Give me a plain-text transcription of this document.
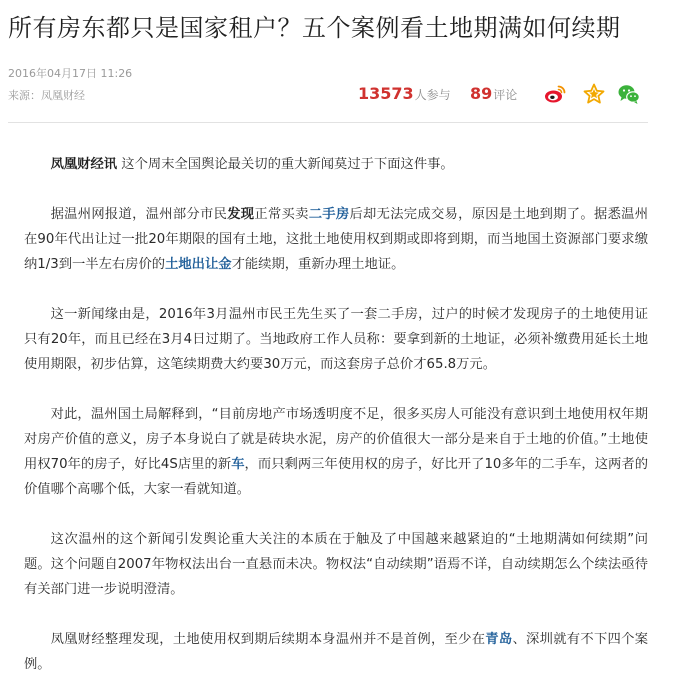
所有房东都只是国家租户？五个案例看土地期满如何续期
2016年04月17日 11:26
来源：凤凰财经	13573 人参与 89 评论

凤凰财经讯 这个周末全国舆论最关切的重大新闻莫过于下面这件事。

据温州网报道，温州部分市民发现正常买卖二手房后却无法完成交易，原因是土地到期了。据悉温州在90年代出让过一批20年期限的国有土地，这批土地使用权到期或即将到期，而当地国土资源部门要求缴纳1/3到一半左右房价的土地出让金才能续期，重新办理土地证。

这一新闻缘由是，2016年3月温州市民王先生买了一套二手房，过户的时候才发现房子的土地使用证只有20年，而且已经在3月4日过期了。当地政府工作人员称：要拿到新的土地证，必须补缴费用延长土地使用期限，初步估算，这笔续期费大约要30万元，而这套房子总价才65.8万元。

对此，温州国土局解释到，“目前房地产市场透明度不足，很多买房人可能没有意识到土地使用权年期对房产价值的意义，房子本身说白了就是砖块水泥，房产的价值很大一部分是来自于土地的价值。”土地使用权70年的房子，好比4S店里的新车，而只剩两三年使用权的房子，好比开了10多年的二手车，这两者的价值哪个高哪个低，大家一看就知道。

这次温州的这个新闻引发舆论重大关注的本质在于触及了中国越来越紧迫的“土地期满如何续期”问题。这个问题自2007年物权法出台一直悬而未决。物权法“自动续期”语焉不详，自动续期怎么个续法亟待有关部门进一步说明澄清。

凤凰财经整理发现，土地使用权到期后续期本身温州并不是首例，至少在青岛、深圳就有不下四个案例。
